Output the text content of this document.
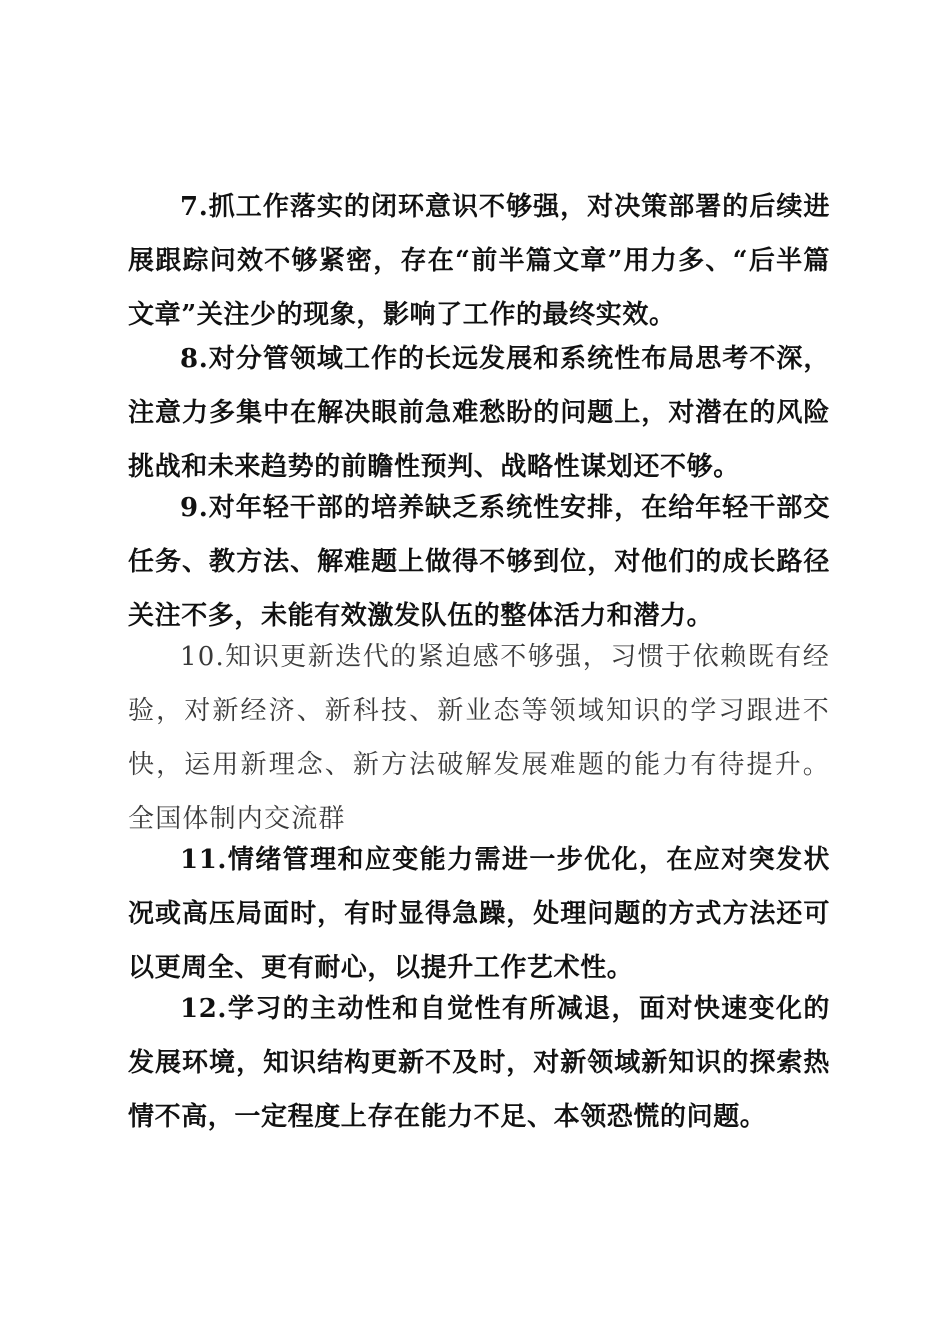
7.抓工作落实的闭环意识不够强，对决策部署的后续进展跟踪问效不够紧密，存在“前半篇文章”用力多、“后半篇文章”关注少的现象，影响了工作的最终实效。

8.对分管领域工作的长远发展和系统性布局思考不深，注意力多集中在解决眼前急难愁盼的问题上，对潜在的风险挑战和未来趋势的前瞻性预判、战略性谋划还不够。

9.对年轻干部的培养缺乏系统性安排，在给年轻干部交任务、教方法、解难题上做得不够到位，对他们的成长路径关注不多，未能有效激发队伍的整体活力和潜力。

10.知识更新迭代的紧迫感不够强，习惯于依赖既有经验，对新经济、新科技、新业态等领域知识的学习跟进不快，运用新理念、新方法破解发展难题的能力有待提升。全国体制内交流群

11.情绪管理和应变能力需进一步优化，在应对突发状况或高压局面时，有时显得急躁，处理问题的方式方法还可以更周全、更有耐心，以提升工作艺术性。

12.学习的主动性和自觉性有所减退，面对快速变化的发展环境，知识结构更新不及时，对新领域新知识的探索热情不高，一定程度上存在能力不足、本领恐慌的问题。
